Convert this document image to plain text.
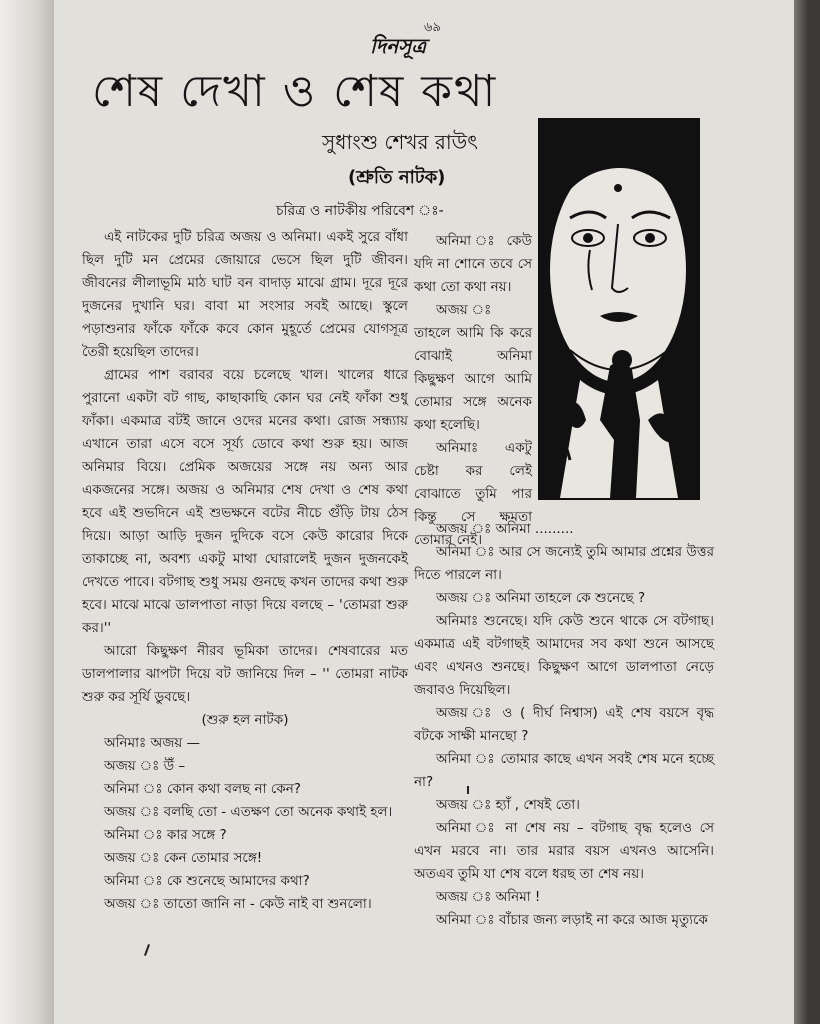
৬৯
দিনসূত্র
শেষ দেখা ও শেষ কথা
সুধাংশু শেখর রাউৎ
(শ্রুতি নাটক)
চরিত্র ও নাটকীয় পরিবেশ ঃ-

এই নাটকের দুটি চরিত্র অজয় ও অনিমা। একই সুরে বাঁধা ছিল দুটি মন প্রেমের জোয়ারে ভেসে ছিল দুটি জীবন। জীবনের লীলাভূমি মাঠ ঘাট বন বাদাড় মাঝে গ্রাম। দূরে দূরে দুজনের দুখানি ঘর। বাবা মা সংসার সবই আছে। স্কুলে পড়াশুনার ফাঁকে ফাঁকে কবে কোন মুহূর্তে প্রেমের যোগসূত্র তৈরী হয়েছিল তাদের।

গ্রামের পাশ বরাবর বয়ে চলেছে খাল। খালের ধারে পুরানো একটা বট গাছ, কাছাকাছি কোন ঘর নেই ফাঁকা শুধু ফাঁকা। একমাত্র বটই জানে ওদের মনের কথা। রোজ সন্ধ্যায় এখানে তারা এসে বসে সূর্য্য ডোবে কথা শুরু হয়। আজ অনিমার বিয়ে। প্রেমিক অজয়ের সঙ্গে নয় অন্য আর একজনের সঙ্গে। অজয় ও অনিমার শেষ দেখা ও শেষ কথা হবে এই শুভদিনে এই শুভক্ষনে বটের নীচে গুঁড়ি টায় ঠেস দিয়ে। আড়া আড়ি দুজন দুদিকে বসে কেউ কারোর দিকে তাকাচ্ছে না, অবশ্য একটু মাথা ঘোরালেই দুজন দুজনকেই দেখতে পাবে। বটগাছ শুধু সময় গুনছে কখন তাদের কথা শুরু হবে। মাঝে মাঝে ডালপাতা নাড়া দিয়ে বলছে – 'তোমরা শুরু কর।''

আরো কিছুক্ষণ নীরব ভূমিকা তাদের। শেষবারের মত ডালপালার ঝাপটা দিয়ে বট জানিয়ে দিল – '' তোমরা নাটক শুরু কর সূর্যি ডুবছে।

(শুরু হল নাটক)

অনিমাঃ অজয় —

অজয় ঃ উঁ –

অনিমা ঃ কোন কথা বলছ না কেন?

অজয় ঃ বলছি তো - এতক্ষণ তো অনেক কথাই হল।

অনিমা ঃ কার সঙ্গে ?

অজয় ঃ কেন তোমার সঙ্গে!

অনিমা ঃ কে শুনেছে আমাদের কথা?

অজয় ঃ তাতো জানি না - কেউ নাই বা শুনলো।

অনিমা ঃ কেউ যদি না শোনে তবে সে কথা তো কথা নয়।

অজয় ঃ তাহলে আমি কি করে বোঝাই অনিমা কিছুক্ষণ আগে আমি তোমার সঙ্গে অনেক কথা হলেছি।

অনিমাঃ একটু চেষ্টা কর লেই বোঝাতে তুমি পার কিন্তু সে ক্ষমতা তোমার নেই।

অজয় ঃ অনিমা .........

অনিমা ঃ আর সে জন্যেই তুমি আমার প্রশ্নের উত্তর দিতে পারলে না।

অজয় ঃ অনিমা তাহলে কে শুনেছে ?

অনিমাঃ শুনেছে। যদি কেউ শুনে থাকে সে বটগাছ। একমাত্র এই বটগাছই আমাদের সব কথা শুনে আসছে এবং এখনও শুনছে। কিছুক্ষণ আগে ডালপাতা নেড়ে জবাবও দিয়েছিল।

অজয় ঃ ও ( দীর্ঘ নিশ্বাস) এই শেষ বয়সে বৃদ্ধ বটকে সাক্ষী মানছো ?

অনিমা ঃ তোমার কাছে এখন সবই শেষ মনে হচ্ছে না?

অজয় ঃ হ্যাঁ , শেষই তো।

অনিমা ঃ না শেষ নয় – বটগাছ বৃদ্ধ হলেও সে এখন মরবে না। তার মরার বয়স এখনও আসেনি। অতএব তুমি যা শেষ বলে ধরছ তা শেষ নয়।

অজয় ঃ অনিমা !

অনিমা ঃ বাঁচার জন্য লড়াই না করে আজ মৃত্যুকে
